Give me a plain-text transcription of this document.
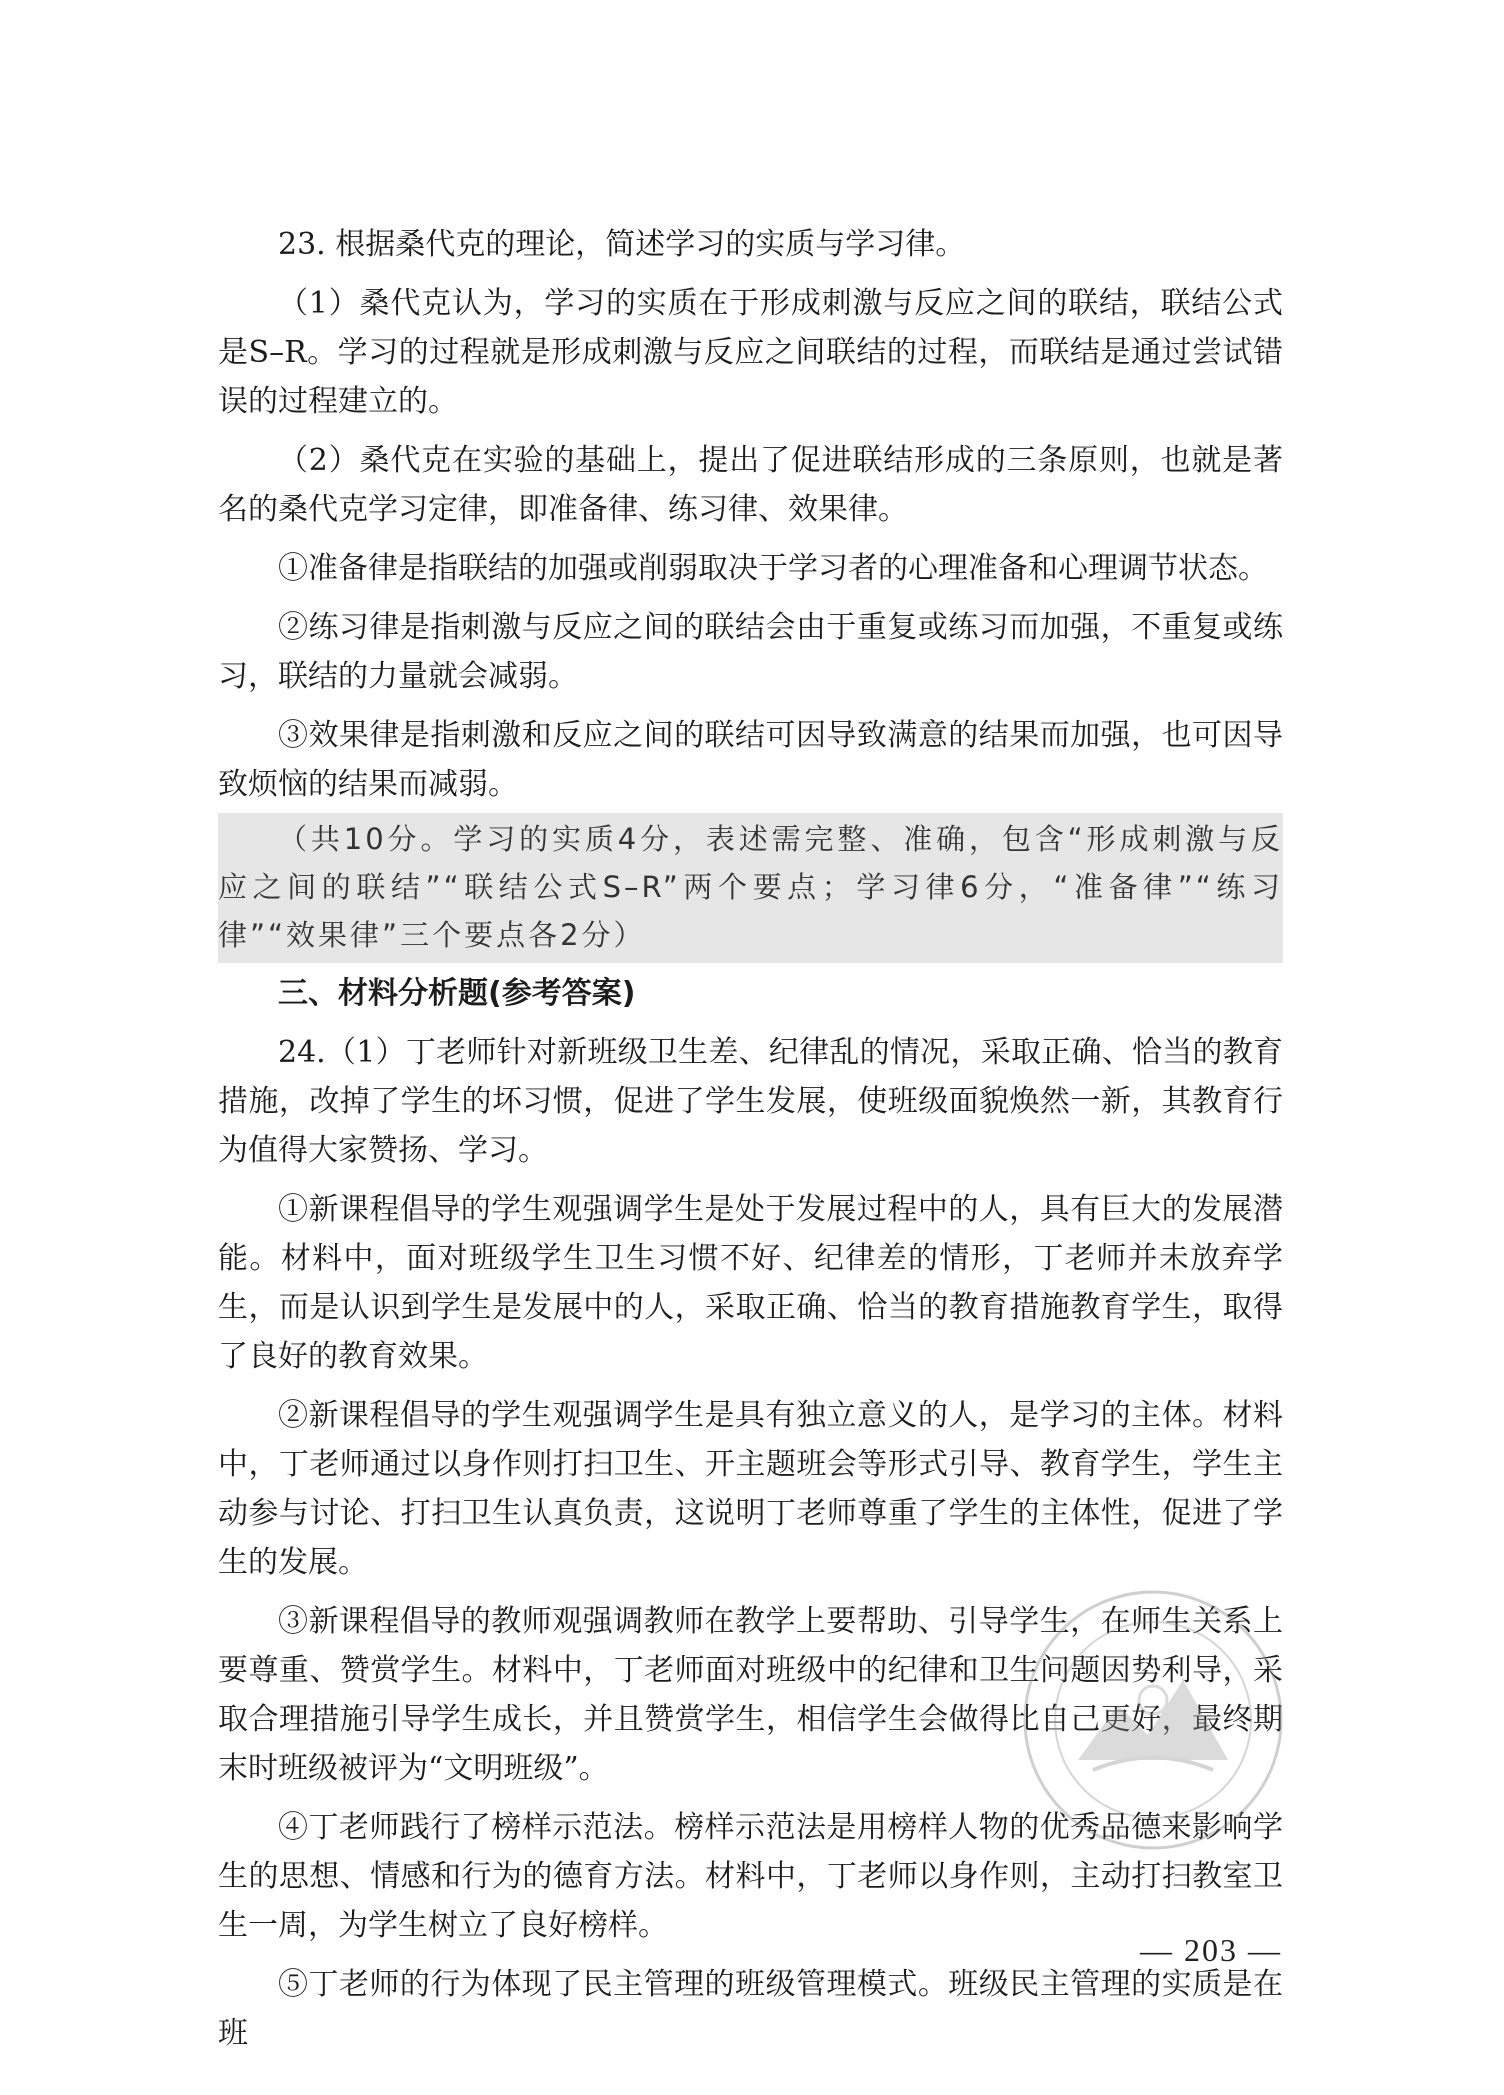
23. 根据桑代克的理论，简述学习的实质与学习律。

（1）桑代克认为，学习的实质在于形成刺激与反应之间的联结，联结公式是S–R。学习的过程就是形成刺激与反应之间联结的过程，而联结是通过尝试错误的过程建立的。

（2）桑代克在实验的基础上，提出了促进联结形成的三条原则，也就是著名的桑代克学习定律，即准备律、练习律、效果律。

①准备律是指联结的加强或削弱取决于学习者的心理准备和心理调节状态。

②练习律是指刺激与反应之间的联结会由于重复或练习而加强，不重复或练习，联结的力量就会减弱。

③效果律是指刺激和反应之间的联结可因导致满意的结果而加强，也可因导致烦恼的结果而减弱。

（共10分。学习的实质4分，表述需完整、准确，包含“形成刺激与反应之间的联结”“联结公式S–R”两个要点；学习律6分，“准备律”“练习律”“效果律”三个要点各2分）

三、材料分析题(参考答案)

24.（1）丁老师针对新班级卫生差、纪律乱的情况，采取正确、恰当的教育措施，改掉了学生的坏习惯，促进了学生发展，使班级面貌焕然一新，其教育行为值得大家赞扬、学习。

①新课程倡导的学生观强调学生是处于发展过程中的人，具有巨大的发展潜能。材料中，面对班级学生卫生习惯不好、纪律差的情形，丁老师并未放弃学生，而是认识到学生是发展中的人，采取正确、恰当的教育措施教育学生，取得了良好的教育效果。

②新课程倡导的学生观强调学生是具有独立意义的人，是学习的主体。材料中，丁老师通过以身作则打扫卫生、开主题班会等形式引导、教育学生，学生主动参与讨论、打扫卫生认真负责，这说明丁老师尊重了学生的主体性，促进了学生的发展。

③新课程倡导的教师观强调教师在教学上要帮助、引导学生，在师生关系上要尊重、赞赏学生。材料中，丁老师面对班级中的纪律和卫生问题因势利导，采取合理措施引导学生成长，并且赞赏学生，相信学生会做得比自己更好，最终期末时班级被评为“文明班级”。

④丁老师践行了榜样示范法。榜样示范法是用榜样人物的优秀品德来影响学生的思想、情感和行为的德育方法。材料中，丁老师以身作则，主动打扫教室卫生一周，为学生树立了良好榜样。

⑤丁老师的行为体现了民主管理的班级管理模式。班级民主管理的实质是在班

— 203 —
